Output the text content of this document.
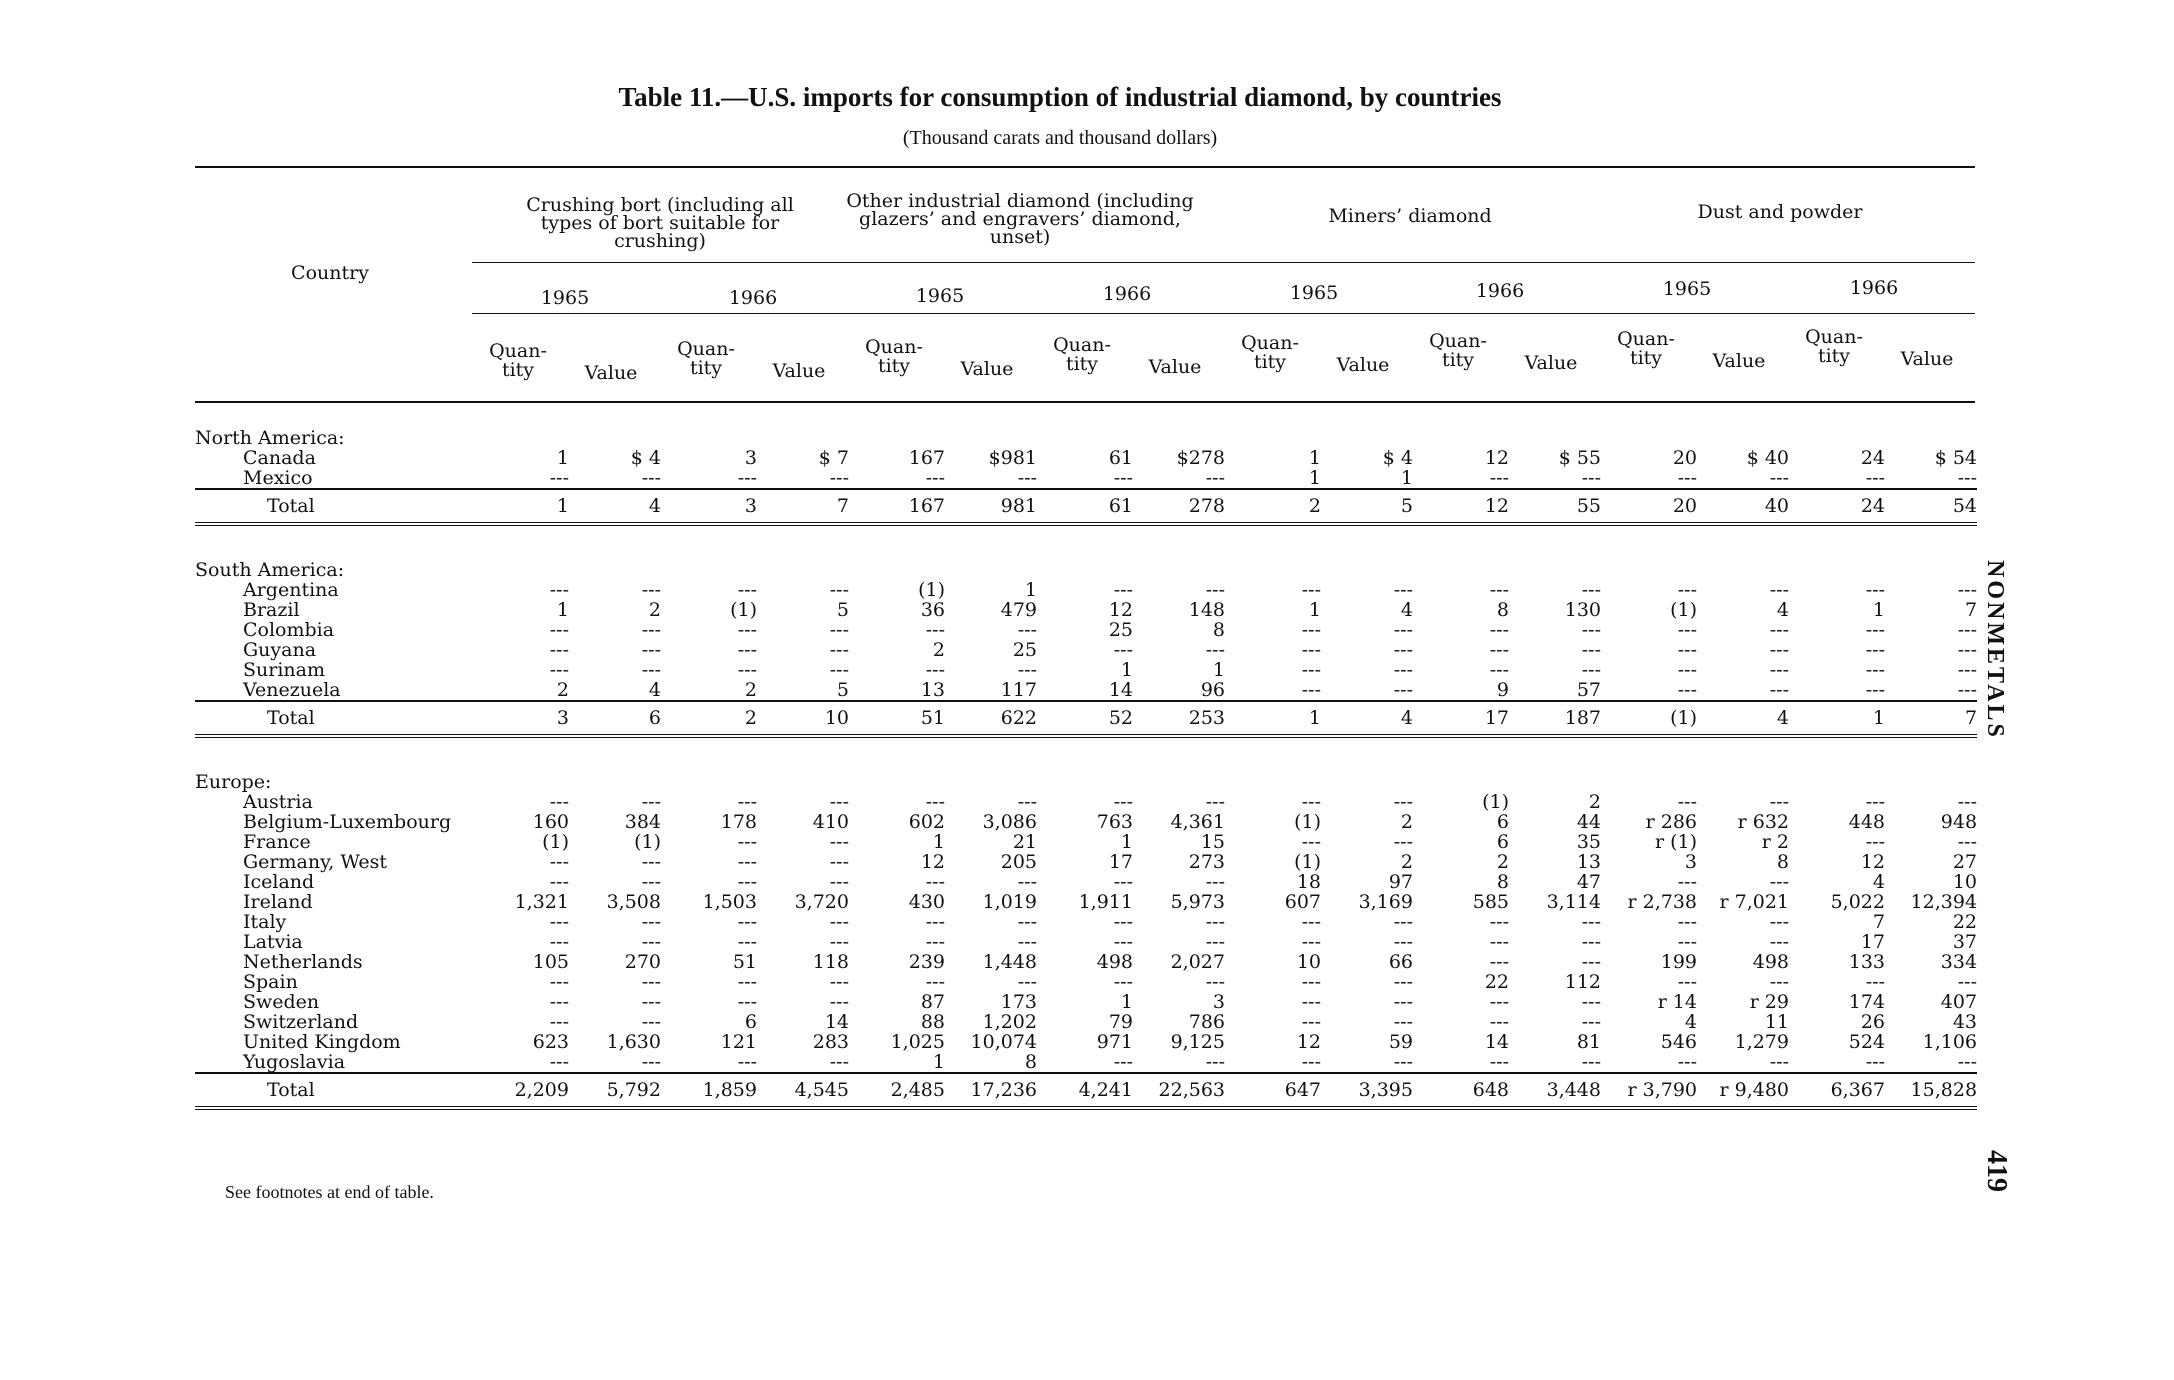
Table 11.—U.S. imports for consumption of industrial diamond, by countries
(Thousand carats and thousand dollars)
Country
Crushing bort (including all types of bort suitable for crushing)
Other industrial diamond (including glazers’ and engravers’ diamond, unset)
Miners’ diamond	Dust and powder
1965	1966	1965	1966	1965	1966	1965	1966
Quan-
tity	Value
Quan-
tity	Value
Quan-
tity	Value
Quan-
tity	Value
Quan-
tity	Value
Quan-
tity	Value
Quan-
tity	Value
Quan-
tity	Value
North America:																
Canada	1	$ 4	3	$ 7	167	$981	61	$278	1	$ 4	12	$ 55	20	$ 40	24	$ 54
Mexico	---	---	---	---	---	---	---	---	1	1	---	---	---	---	---	---
Total	1	4	3	7	167	981	61	278	2	5	12	55	20	40	24	54

South America:																
Argentina	---	---	---	---	(1)	1	---	---	---	---	---	---	---	---	---	---
Brazil	1	2	(1)	5	36	479	12	148	1	4	8	130	(1)	4	1	7
Colombia	---	---	---	---	---	---	25	8	---	---	---	---	---	---	---	---
Guyana	---	---	---	---	2	25	---	---	---	---	---	---	---	---	---	---
Surinam	---	---	---	---	---	---	1	1	---	---	---	---	---	---	---	---
Venezuela	2	4	2	5	13	117	14	96	---	---	9	57	---	---	---	---
Total	3	6	2	10	51	622	52	253	1	4	17	187	(1)	4	1	7

Europe:																
Austria	---	---	---	---	---	---	---	---	---	---	(1)	2	---	---	---	---
Belgium-Luxembourg	160	384	178	410	602	3,086	763	4,361	(1)	2	6	44	r 286	r 632	448	948
France	(1)	(1)	---	---	1	21	1	15	---	---	6	35	r (1)	r 2	---	---
Germany, West	---	---	---	---	12	205	17	273	(1)	2	2	13	3	8	12	27
Iceland	---	---	---	---	---	---	---	---	18	97	8	47	---	---	4	10
Ireland	1,321	3,508	1,503	3,720	430	1,019	1,911	5,973	607	3,169	585	3,114	r 2,738	r 7,021	5,022	12,394
Italy	---	---	---	---	---	---	---	---	---	---	---	---	---	---	7	22
Latvia	---	---	---	---	---	---	---	---	---	---	---	---	---	---	17	37
Netherlands	105	270	51	118	239	1,448	498	2,027	10	66	---	---	199	498	133	334
Spain	---	---	---	---	---	---	---	---	---	---	22	112	---	---	---	---
Sweden	---	---	---	---	87	173	1	3	---	---	---	---	r 14	r 29	174	407
Switzerland	---	---	6	14	88	1,202	79	786	---	---	---	---	4	11	26	43
United Kingdom	623	1,630	121	283	1,025	10,074	971	9,125	12	59	14	81	546	1,279	524	1,106
Yugoslavia	---	---	---	---	1	8	---	---	---	---	---	---	---	---	---	---
Total	2,209	5,792	1,859	4,545	2,485	17,236	4,241	22,563	647	3,395	648	3,448	r 3,790	r 9,480	6,367	15,828
See footnotes at end of table.
NONMETALS
419
